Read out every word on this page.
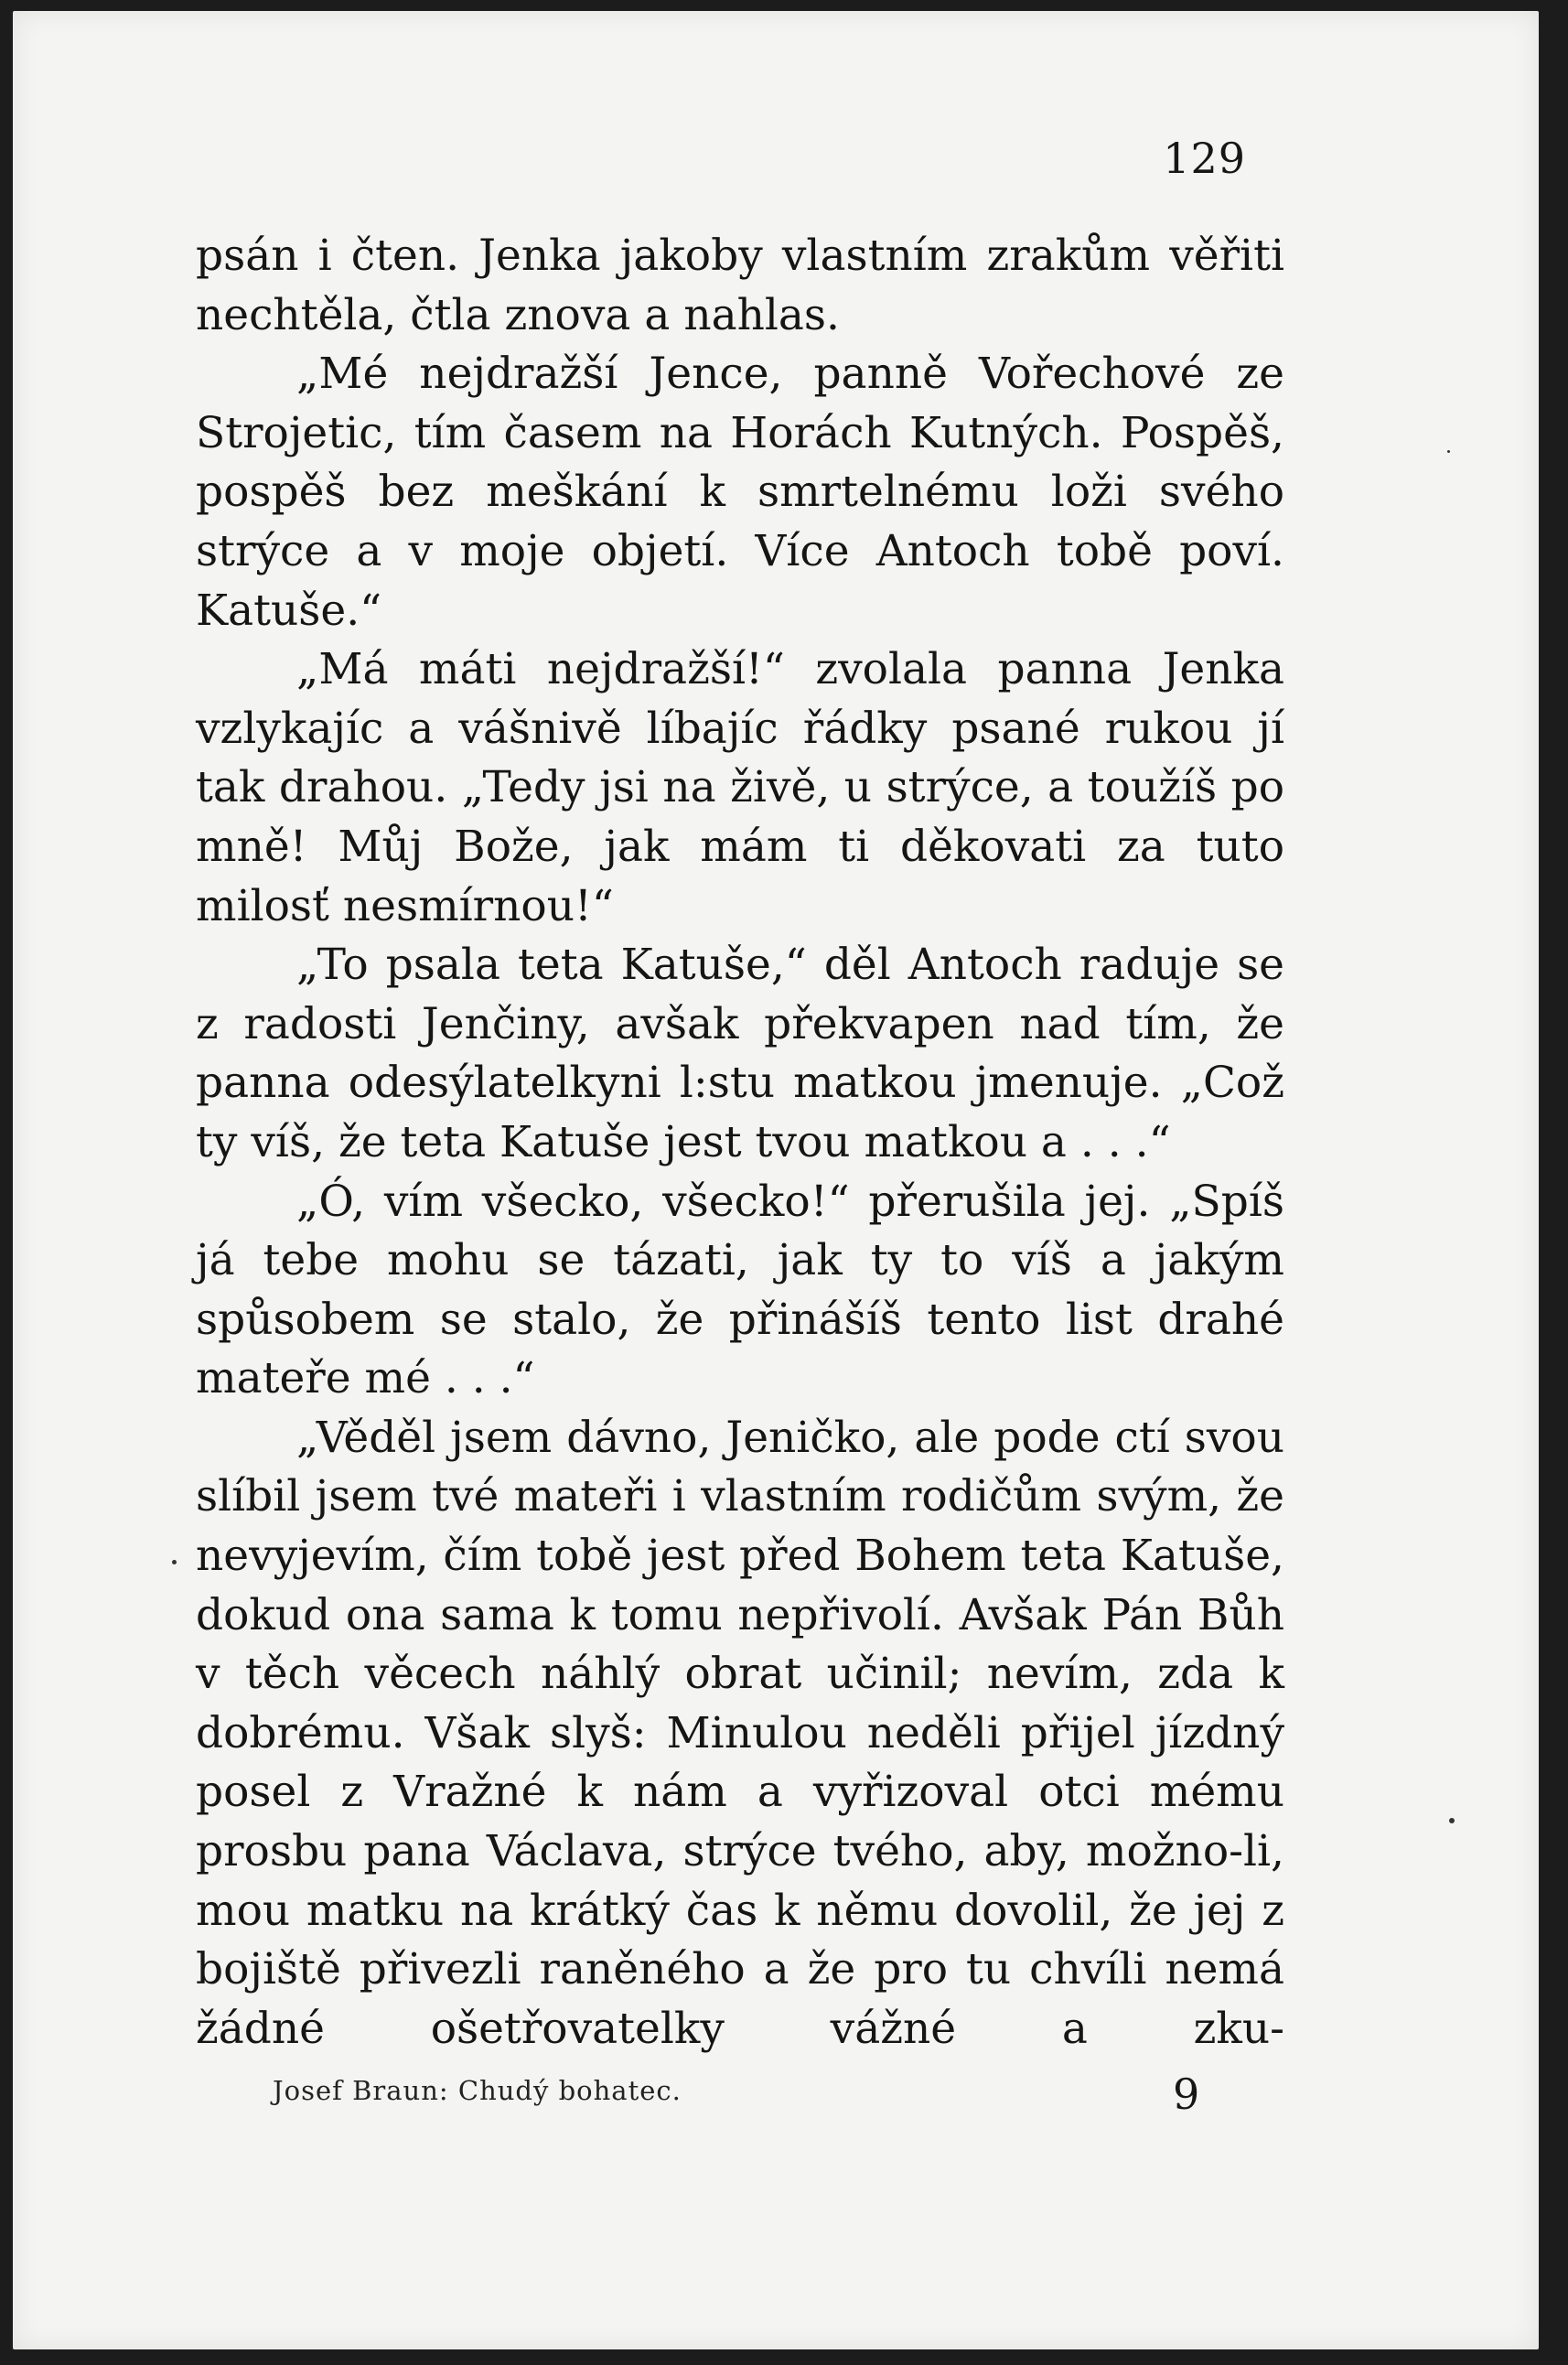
129

psán i čten. Jenka jakoby vlastním zrakům věřiti nechtěla, čtla znova a nahlas.

„Mé nejdražší Jence, panně Vořechové ze Strojetic, tím časem na Horách Kutných. Pospěš, pospěš bez meškání k smrtelnému loži svého strýce a v moje objetí. Více Antoch tobě poví. Katuše.“

„Má máti nejdražší!“ zvolala panna Jenka vzlykajíc a vášnivě líbajíc řádky psané rukou jí tak drahou. „Tedy jsi na živě, u strýce, a toužíš po mně! Můj Bože, jak mám ti děkovati za tuto milosť nesmírnou!“

„To psala teta Katuše,“ děl Antoch raduje se z radosti Jenčiny, avšak překvapen nad tím, že panna odesýlatelkyni l:stu matkou jmenuje. „Což ty víš, že teta Katuše jest tvou matkou a . . .“

„Ó, vím všecko, všecko!“ přerušila jej. „Spíš já tebe mohu se tázati, jak ty to víš a jakým spůsobem se stalo, že přinášíš tento list drahé mateře mé . . .“

„Věděl jsem dávno, Jeničko, ale pode ctí svou slíbil jsem tvé mateři i vlastním rodičům svým, že nevyjevím, čím tobě jest před Bohem teta Katuše, dokud ona sama k tomu nepřivolí. Avšak Pán Bůh v těch věcech náhlý obrat učinil; nevím, zda k dobrému. Však slyš: Minulou neděli přijel jízdný posel z Vražné k nám a vyřizoval otci mému prosbu pana Václava, strýce tvého, aby, možno-li, mou matku na krátký čas k němu dovolil, že jej z bojiště přivezli raněného a že pro tu chvíli nemá žádné ošetřovatelky vážné a zku-

Josef Braun: Chudý bohatec.	9
